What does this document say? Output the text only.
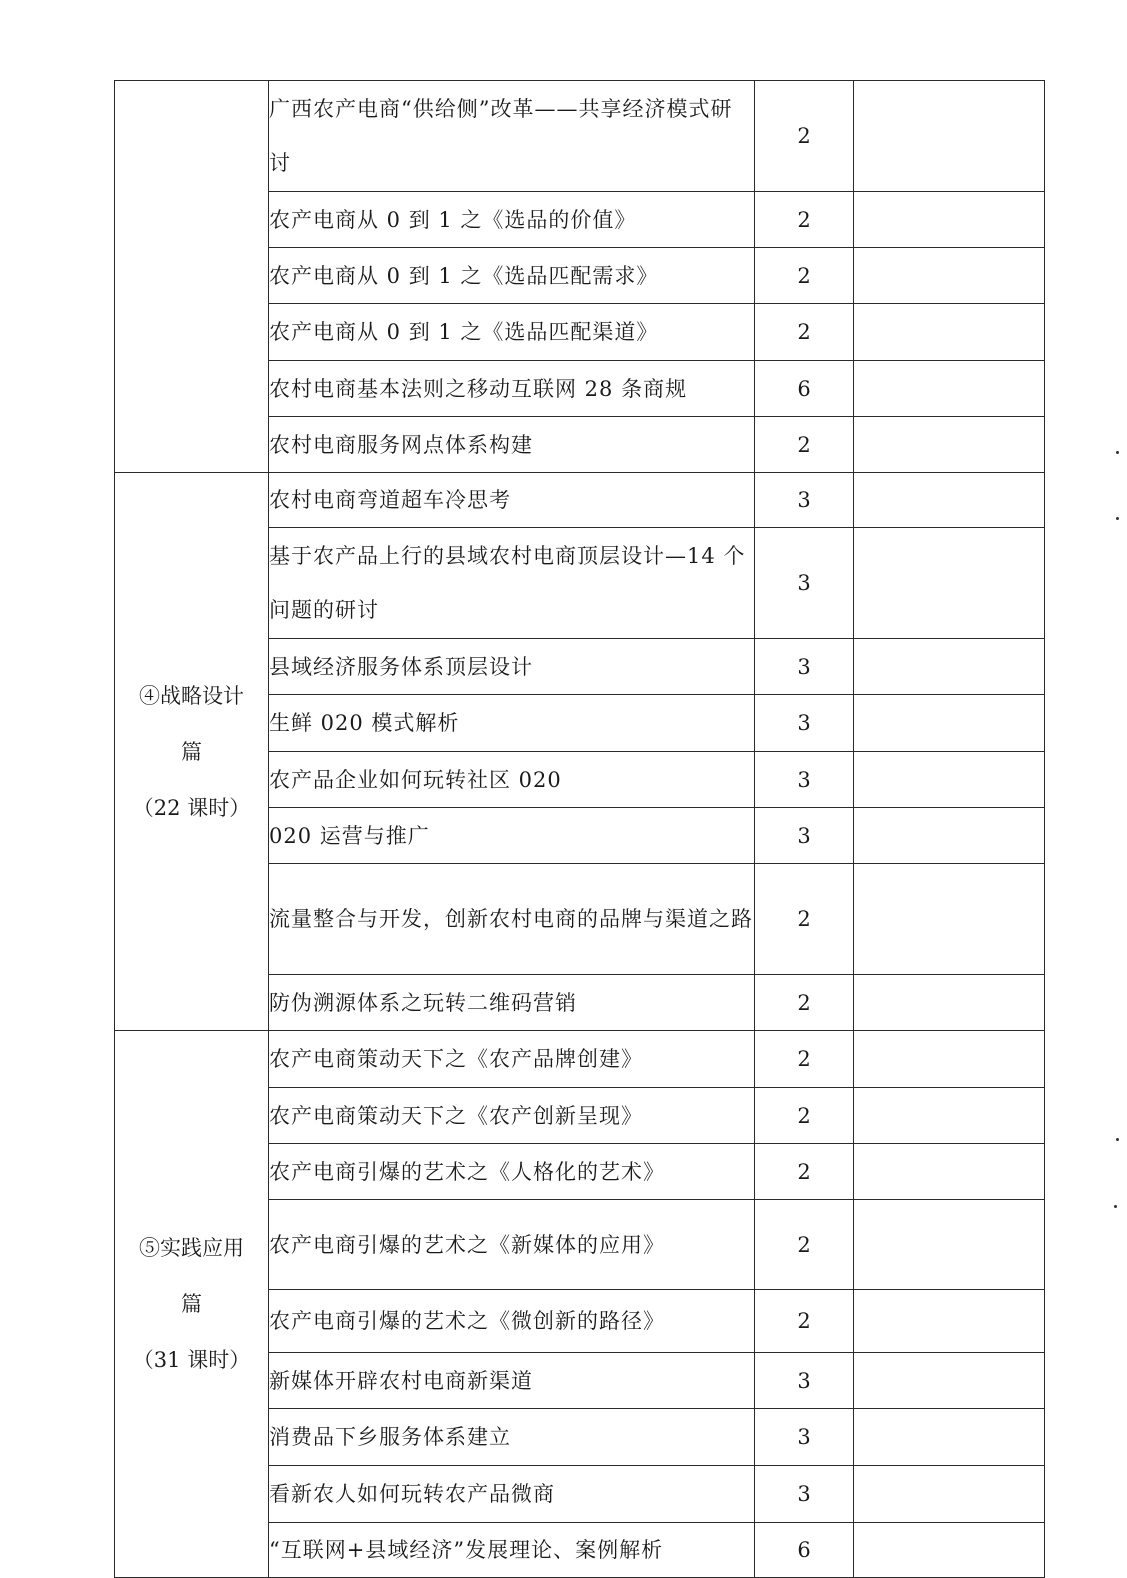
	广西农产电商“供给侧”改革——共享经济模式研讨	2	
	农产电商从 0 到 1 之《选品的价值》	2	
	农产电商从 0 到 1 之《选品匹配需求》	2	
	农产电商从 0 到 1 之《选品匹配渠道》	2	
	农村电商基本法则之移动互联网 28 条商规	6	
	农村电商服务网点体系构建	2	

④战略设计
篇
（22 课时）	农村电商弯道超车冷思考	3	
	基于农产品上行的县域农村电商顶层设计—14 个问题的研讨	3	
	县域经济服务体系顶层设计	3	
	生鲜 020 模式解析	3	
	农产品企业如何玩转社区 020	3	
	020 运营与推广	3	
	流量整合与开发，创新农村电商的品牌与渠道之路	2	
	防伪溯源体系之玩转二维码营销	2	

⑤实践应用
篇
（31 课时）	农产电商策动天下之《农产品牌创建》	2	
	农产电商策动天下之《农产创新呈现》	2	
	农产电商引爆的艺术之《人格化的艺术》	2	
	农产电商引爆的艺术之《新媒体的应用》	2	
	农产电商引爆的艺术之《微创新的路径》	2	
	新媒体开辟农村电商新渠道	3	
	消费品下乡服务体系建立	3	
	看新农人如何玩转农产品微商	3	
	“互联网+县域经济”发展理论、案例解析	6	
